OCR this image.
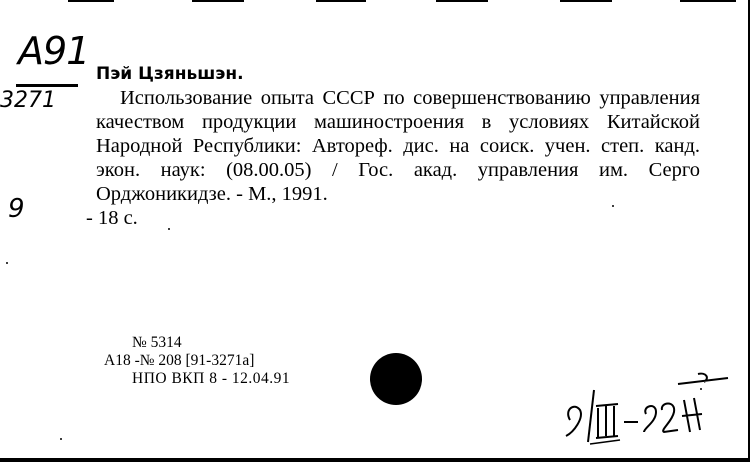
A91
3271
9
Пэй Цзяньшэн.
Использование опыта СССР по совершенствованию управления качеством продукции машиностроения в условиях Китайской Народной Республики: Автореф. дис. на соиск. учен. степ. канд. экон. наук: (08.00.05) / Гос. акад. управления им. Серго Орджоникидзе. - М., 1991.
- 18 с.
№ 5314
А18 -№ 208 [91-3271а]
НПО ВКП 8 - 12.04.91
